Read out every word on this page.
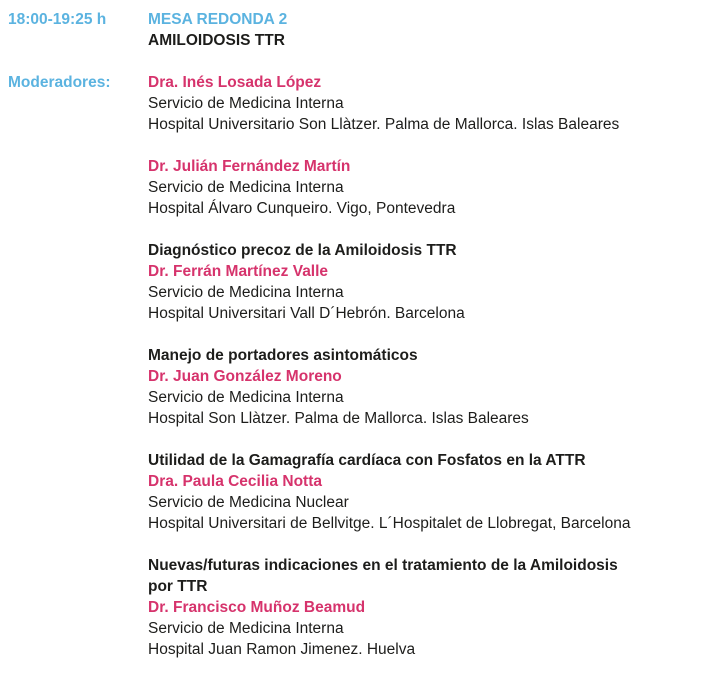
18:00-19:25 h
Moderadores:
MESA REDONDA 2
AMILOIDOSIS TTR
Dra. Inés Losada López
Servicio de Medicina Interna
Hospital Universitario Son Llàtzer. Palma de Mallorca. Islas Baleares
Dr. Julián Fernández Martín
Servicio de Medicina Interna
Hospital Álvaro Cunqueiro. Vigo, Pontevedra
Diagnóstico precoz de la Amiloidosis TTR
Dr. Ferrán Martínez Valle
Servicio de Medicina Interna
Hospital Universitari Vall D´Hebrón. Barcelona
Manejo de portadores asintomáticos
Dr. Juan González Moreno
Servicio de Medicina Interna
Hospital Son Llàtzer. Palma de Mallorca. Islas Baleares
Utilidad de la Gamagrafía cardíaca con Fosfatos en la ATTR
Dra. Paula Cecilia Notta
Servicio de Medicina Nuclear
Hospital Universitari de Bellvitge. L´Hospitalet de Llobregat, Barcelona
Nuevas/futuras indicaciones en el tratamiento de la Amiloidosis
por TTR
Dr. Francisco Muñoz Beamud
Servicio de Medicina Interna
Hospital Juan Ramon Jimenez. Huelva
